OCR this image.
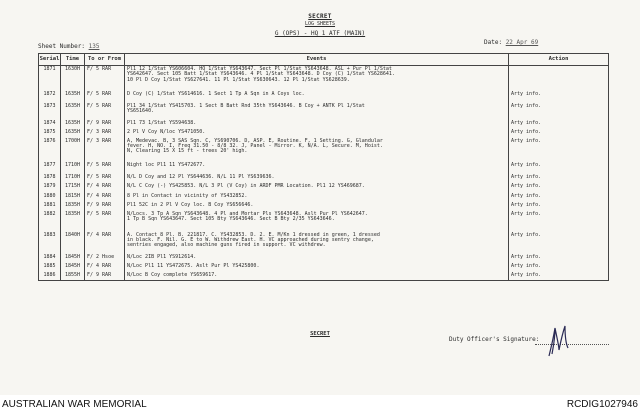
SECRET
LOG SHEETS
G (OPS) - HQ 1 ATF (MAIN)
Sheet Number: 135
Date: 22 Apr 69
Serial	Time	To or From	Events	Action
1871	1630H	F/ 5 RAR	Pl1 12 1/Stat YS606604. HQ 1/Stat YS643647. Sect Pl 1/Stat YS643648. ASL + Pur Pl 1/Stat
YS642647. Sect 105 Batt 1/Stat YS643646. 4 Pl 1/Stat YS643648. D Coy (C) 1/Stat YS628641.
10 Pl D Coy 1/Stat YS627641. 11 Pl 1/Stat YS630643. 12 Pl 1/Stat YS628639.	
1872	1635H	F/ 5 RAR	D Coy (C) 1/Stat YS614616. 1 Sect 1 Tp A Sqn in A Coys loc.	Arty info.
1873	1635H	F/ 5 RAR	Pl1 34 1/Stat YS415703. 1 Sect B Batt Rnd 35th YS643646. B Coy + ANTK Pl 1/Stat
YS651640.	Arty info.
1874	1635H	F/ 9 RAR	Pl1 73 1/Stat YS594638.	Arty info.
1875	1635H	F/ 3 RAR	2 Pl V Coy N/loc YS471050.	Arty info.
1876	1700H	F/ 3 RAR	A, Medevac. B, 3 SAS Sqn. C, YS690706. D, ASP. E, Routine. F, 1 Setting. G, Glandular
fever. H, NO. I, Freq 31.50 - 8/8 32. J, Panel - Mirror. K, N/A. L, Secure. M, Hoist.
N, Clearing 15 X 15 ft - trees 20' high.	Arty info.
1877	1710H	F/ 5 RAR	Night loc Pl1 11 YS472677.	Arty info.
1878	1710H	F/ 5 RAR	N/L D Coy and 12 Pl YS644636. N/L 11 Pl YS639636.	Arty info.
1879	1715H	F/ 4 RAR	N/L C Coy (-) YS425853. N/L 3 Pl (V Coy) in ARDF PMR Location. Pl1 12 YS469687.	Arty info.
1880	1815H	F/ 4 RAR	8 Pl in Contact in vicinity of YS432852.	Arty info.
1881	1835H	F/ 9 RAR	Pl1 52C in 2 Pl V Coy loc. B Coy YS656646.	Arty info.
1882	1835H	F/ 5 RAR	N/Locs. 3 Tp A Sqn YS643648. 4 Pl and Mortar Pls YS643648. Aslt Pur Pl YS642647.
1 Tp B Sqn YS643647. Sect 105 Bty YS643646. Sect B Bty 2/35 YS643646.	Arty info.
1883	1840H	F/ 4 RAR	A. Contact 8 Pl. B. 221817. C. YS432853. D. 2. E. M/Kn 1 dressed in green, 1 dressed
in black. F. Nil. G. E to W. Withdrew East. H. VC approached during sentry change,
sentries engaged, also machine guns fired in support. VC withdrew.	Arty info.
1884	1845H	F/ 2 Hsoe	N/Loc 2IB Pl1 YS912614.	Arty info.
1885	1845H	F/ 4 RAR	N/Loc Pl1 11 YS472675. Aslt Pur Pl YS425800.	Arty info.
1886	1855H	F/ 9 RAR	N/Loc B Coy complete YS659617.	Arty info.
SECRET
Duty Officer's Signature:
AUSTRALIAN WAR MEMORIAL	RCDIG1027946
